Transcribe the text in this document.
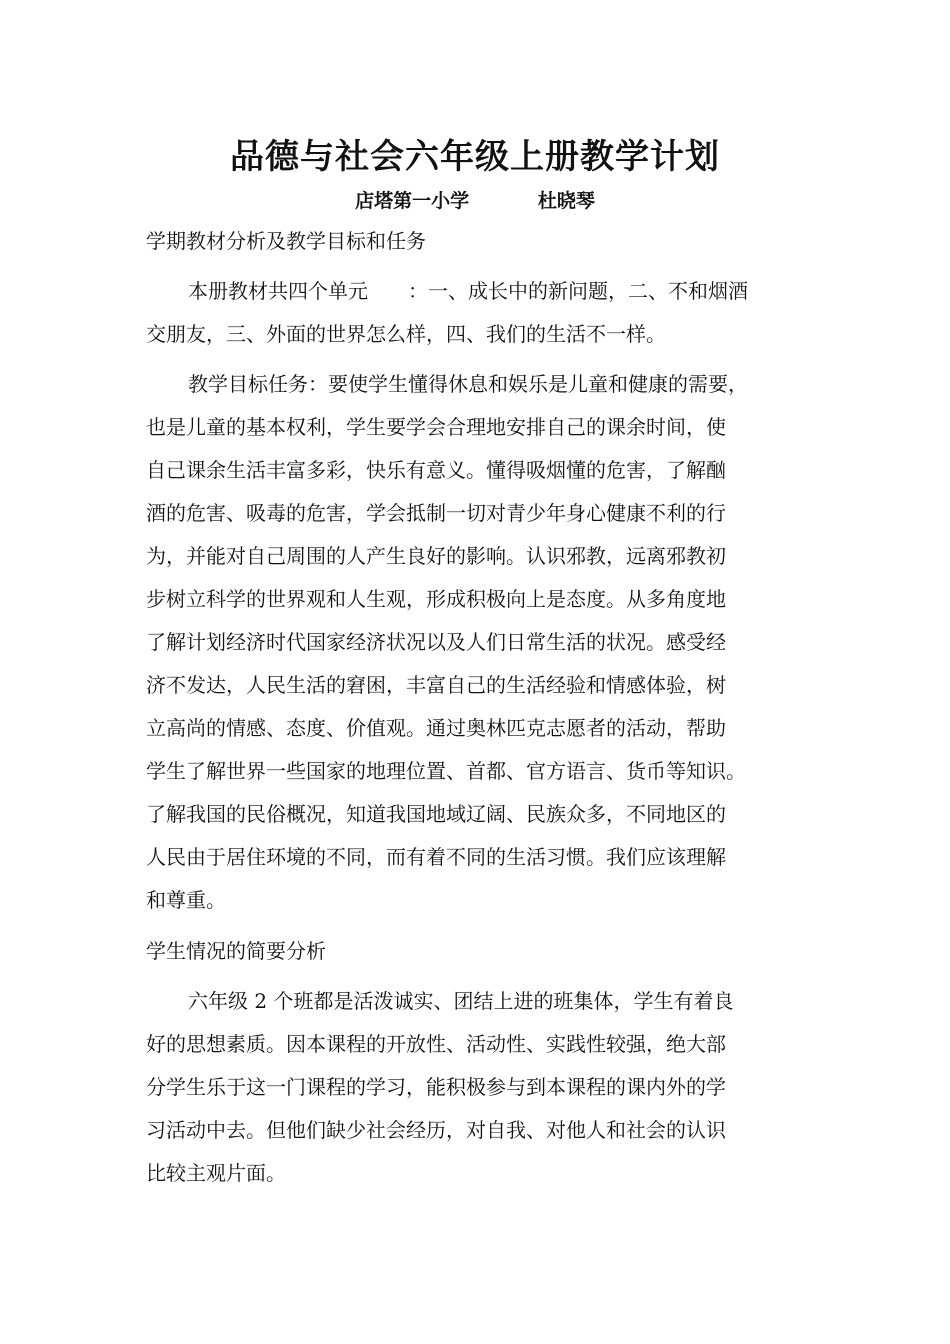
品德与社会六年级上册教学计划
店塔第一小学	杜晓琴
学期教材分析及教学目标和任务
本册教材共四个单元　　：一、成长中的新问题，二、不和烟酒
交朋友，三、外面的世界怎么样，四、我们的生活不一样。
教学目标任务：要使学生懂得休息和娱乐是儿童和健康的需要，
也是儿童的基本权利，学生要学会合理地安排自己的课余时间，使
自己课余生活丰富多彩，快乐有意义。懂得吸烟懂的危害，了解酗
酒的危害、吸毒的危害，学会抵制一切对青少年身心健康不利的行
为，并能对自己周围的人产生良好的影响。认识邪教，远离邪教初
步树立科学的世界观和人生观，形成积极向上是态度。从多角度地
了解计划经济时代国家经济状况以及人们日常生活的状况。感受经
济不发达，人民生活的窘困，丰富自己的生活经验和情感体验，树
立高尚的情感、态度、价值观。通过奥林匹克志愿者的活动，帮助
学生了解世界一些国家的地理位置、首都、官方语言、货币等知识。
了解我国的民俗概况，知道我国地域辽阔、民族众多，不同地区的
人民由于居住环境的不同，而有着不同的生活习惯。我们应该理解
和尊重。
学生情况的简要分析
六年级 2 个班都是活泼诚实、团结上进的班集体，学生有着良
好的思想素质。因本课程的开放性、活动性、实践性较强，绝大部
分学生乐于这一门课程的学习，能积极参与到本课程的课内外的学
习活动中去。但他们缺少社会经历，对自我、对他人和社会的认识
比较主观片面。
